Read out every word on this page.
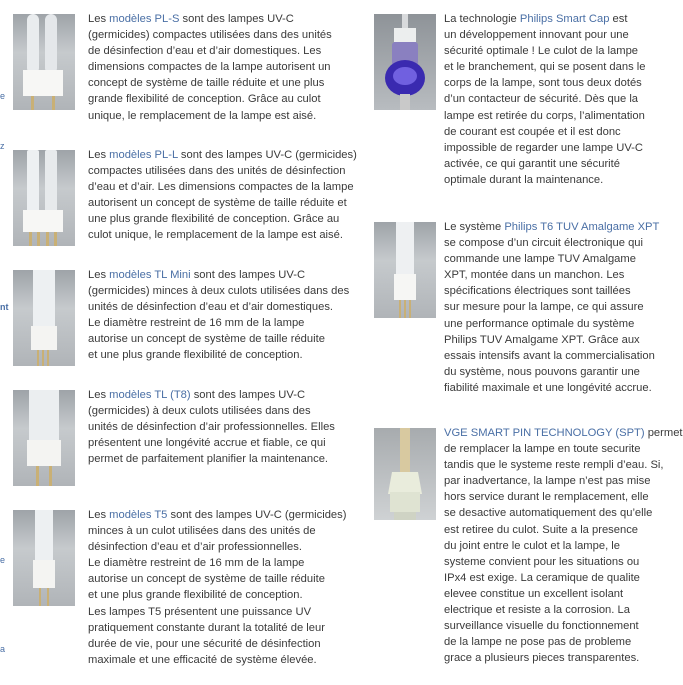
e
z
nt
e
a
Les modèles PL-S sont des lampes UV-C
(germicides) compactes utilisées dans des unités
de désinfection d’eau et d’air domestiques. Les
dimensions compactes de la lampe autorisent un
concept de système de taille réduite et une plus
grande flexibilité de conception. Grâce au culot
unique, le remplacement de la lampe est aisé.
Les modèles PL-L sont des lampes UV-C (germicides)
compactes utilisées dans des unités de désinfection
d’eau et d’air. Les dimensions compactes de la lampe
autorisent un concept de système de taille réduite et
une plus grande flexibilité de conception. Grâce au
culot unique, le remplacement de la lampe est aisé.
Les modèles TL Mini sont des lampes UV-C
(germicides) minces à deux culots utilisées dans des
unités de désinfection d’eau et d’air domestiques.
Le diamètre restreint de 16 mm de la lampe
autorise un concept de système de taille réduite
et une plus grande flexibilité de conception.
Les modèles TL (T8) sont des lampes UV-C
(germicides) à deux culots utilisées dans des
unités de désinfection d’air professionnelles. Elles
présentent une longévité accrue et fiable, ce qui
permet de parfaitement planifier la maintenance.
Les modèles T5 sont des lampes UV-C (germicides)
minces à un culot utilisées dans des unités de
désinfection d’eau et d’air professionnelles.
Le diamètre restreint de 16 mm de la lampe
autorise un concept de système de taille réduite
et une plus grande flexibilité de conception.
Les lampes T5 présentent une puissance UV
pratiquement constante durant la totalité de leur
durée de vie, pour une sécurité de désinfection
maximale et une efficacité de système élevée.
La technologie Philips Smart Cap est
un développement innovant pour une
sécurité optimale ! Le culot de la lampe
et le branchement, qui se posent dans le
corps de la lampe, sont tous deux dotés
d’un contacteur de sécurité. Dès que la
lampe est retirée du corps, l’alimentation
de courant est coupée et il est donc
impossible de regarder une lampe UV-C
activée, ce qui garantit une sécurité
optimale durant la maintenance.
Le système Philips T6 TUV Amalgame XPT
se compose d’un circuit électronique qui
commande une lampe TUV Amalgame
XPT, montée dans un manchon. Les
spécifications électriques sont taillées
sur mesure pour la lampe, ce qui assure
une performance optimale du système
Philips TUV Amalgame XPT. Grâce aux
essais intensifs avant la commercialisation
du système, nous pouvons garantir une
fiabilité maximale et une longévité accrue.
VGE SMART PIN TECHNOLOGY (SPT) permet
de remplacer la lampe en toute securite
tandis que le systeme reste rempli d’eau. Si,
par inadvertance, la lampe n’est pas mise
hors service durant le remplacement, elle
se desactive automatiquement des qu’elle
est retiree du culot. Suite a la presence
du joint entre le culot et la lampe, le
systeme convient pour les situations ou
IPx4 est exige. La ceramique de qualite
elevee constitue un excellent isolant
electrique et resiste a la corrosion. La
surveillance visuelle du fonctionnement
de la lampe ne pose pas de probleme
grace a plusieurs pieces transparentes.
